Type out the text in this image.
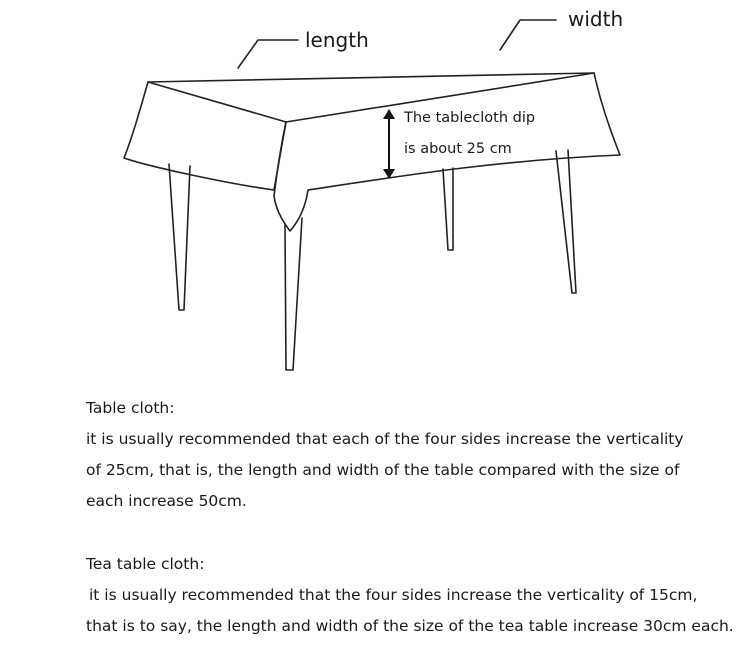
length
width
The tablecloth dip
is about 25 cm

Table cloth:

it is usually recommended that each of the four sides increase the verticality

of 25cm, that is, the length and width of the table compared with the size of

each increase 50cm.

Tea table cloth:

it is usually recommended that the four sides increase the verticality of 15cm,

that is to say, the length and width of the size of the tea table increase 30cm each.
